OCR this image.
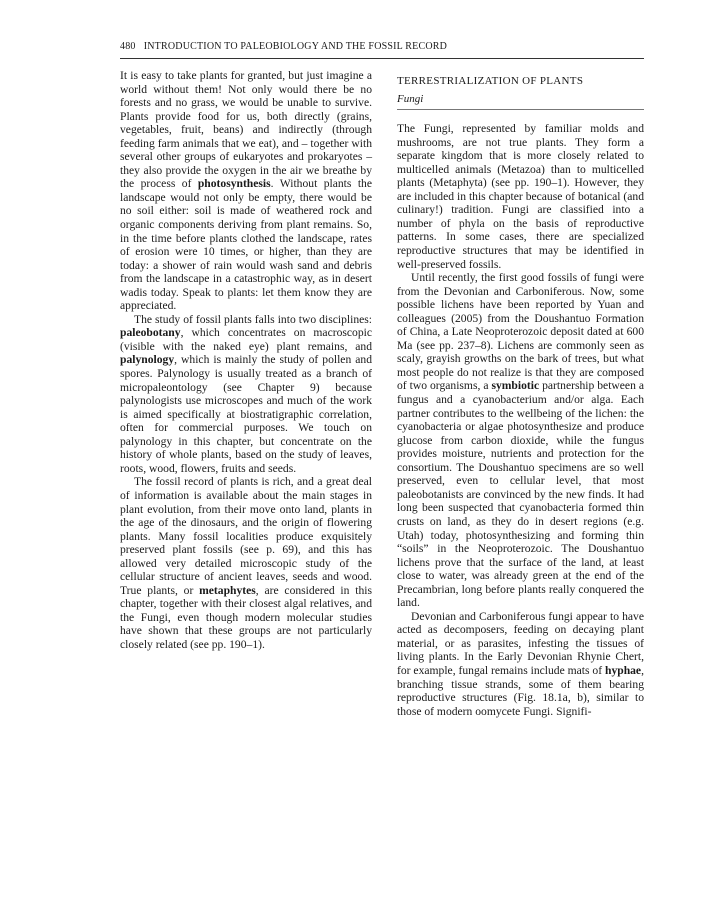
480 INTRODUCTION TO PALEOBIOLOGY AND THE FOSSIL RECORD

It is easy to take plants for granted, but just imagine a world without them! Not only would there be no forests and no grass, we would be unable to survive. Plants provide food for us, both directly (grains, vegetables, fruit, beans) and indirectly (through feeding farm animals that we eat), and – together with several other groups of eukaryotes and prokaryotes – they also provide the oxygen in the air we breathe by the process of photosynthesis. Without plants the landscape would not only be empty, there would be no soil either: soil is made of weathered rock and organic components deriving from plant remains. So, in the time before plants clothed the landscape, rates of erosion were 10 times, or higher, than they are today: a shower of rain would wash sand and debris from the landscape in a catastrophic way, as in desert wadis today. Speak to plants: let them know they are appreciated.

The study of fossil plants falls into two disciplines: paleobotany, which concentrates on macroscopic (visible with the naked eye) plant remains, and palynology, which is mainly the study of pollen and spores. Palynology is usually treated as a branch of micropaleontology (see Chapter 9) because palynologists use microscopes and much of the work is aimed specifically at biostratigraphic correlation, often for commercial purposes. We touch on palynology in this chapter, but concentrate on the history of whole plants, based on the study of leaves, roots, wood, flowers, fruits and seeds.

The fossil record of plants is rich, and a great deal of information is available about the main stages in plant evolution, from their move onto land, plants in the age of the dinosaurs, and the origin of flowering plants. Many fossil localities produce exquisitely preserved plant fossils (see p. 69), and this has allowed very detailed microscopic study of the cellular structure of ancient leaves, seeds and wood. True plants, or metaphytes, are considered in this chapter, together with their closest algal relatives, and the Fungi, even though modern molecular studies have shown that these groups are not particularly closely related (see pp. 190–1).

TERRESTRIALIZATION OF PLANTS
Fungi

The Fungi, represented by familiar molds and mushrooms, are not true plants. They form a separate kingdom that is more closely related to multicelled animals (Metazoa) than to multicelled plants (Metaphyta) (see pp. 190–1). However, they are included in this chapter because of botanical (and culinary!) tradition. Fungi are classified into a number of phyla on the basis of reproductive patterns. In some cases, there are specialized reproductive structures that may be identified in well-preserved fossils.

Until recently, the first good fossils of fungi were from the Devonian and Carboniferous. Now, some possible lichens have been reported by Yuan and colleagues (2005) from the Doushantuo Formation of China, a Late Neoproterozoic deposit dated at 600 Ma (see pp. 237–8). Lichens are commonly seen as scaly, grayish growths on the bark of trees, but what most people do not realize is that they are composed of two organisms, a symbiotic partnership between a fungus and a cyanobacterium and/or alga. Each partner contributes to the wellbeing of the lichen: the cyanobacteria or algae photosynthesize and produce glucose from carbon dioxide, while the fungus provides moisture, nutrients and protection for the consortium. The Doushantuo specimens are so well preserved, even to cellular level, that most paleobotanists are convinced by the new finds. It had long been suspected that cyanobacteria formed thin crusts on land, as they do in desert regions (e.g. Utah) today, photosynthesizing and forming thin “soils” in the Neoproterozoic. The Doushantuo lichens prove that the surface of the land, at least close to water, was already green at the end of the Precambrian, long before plants really conquered the land.

Devonian and Carboniferous fungi appear to have acted as decomposers, feeding on decaying plant material, or as parasites, infesting the tissues of living plants. In the Early Devonian Rhynie Chert, for example, fungal remains include mats of hyphae, branching tissue strands, some of them bearing reproductive structures (Fig. 18.1a, b), similar to those of modern oomycete Fungi. Signifi-
